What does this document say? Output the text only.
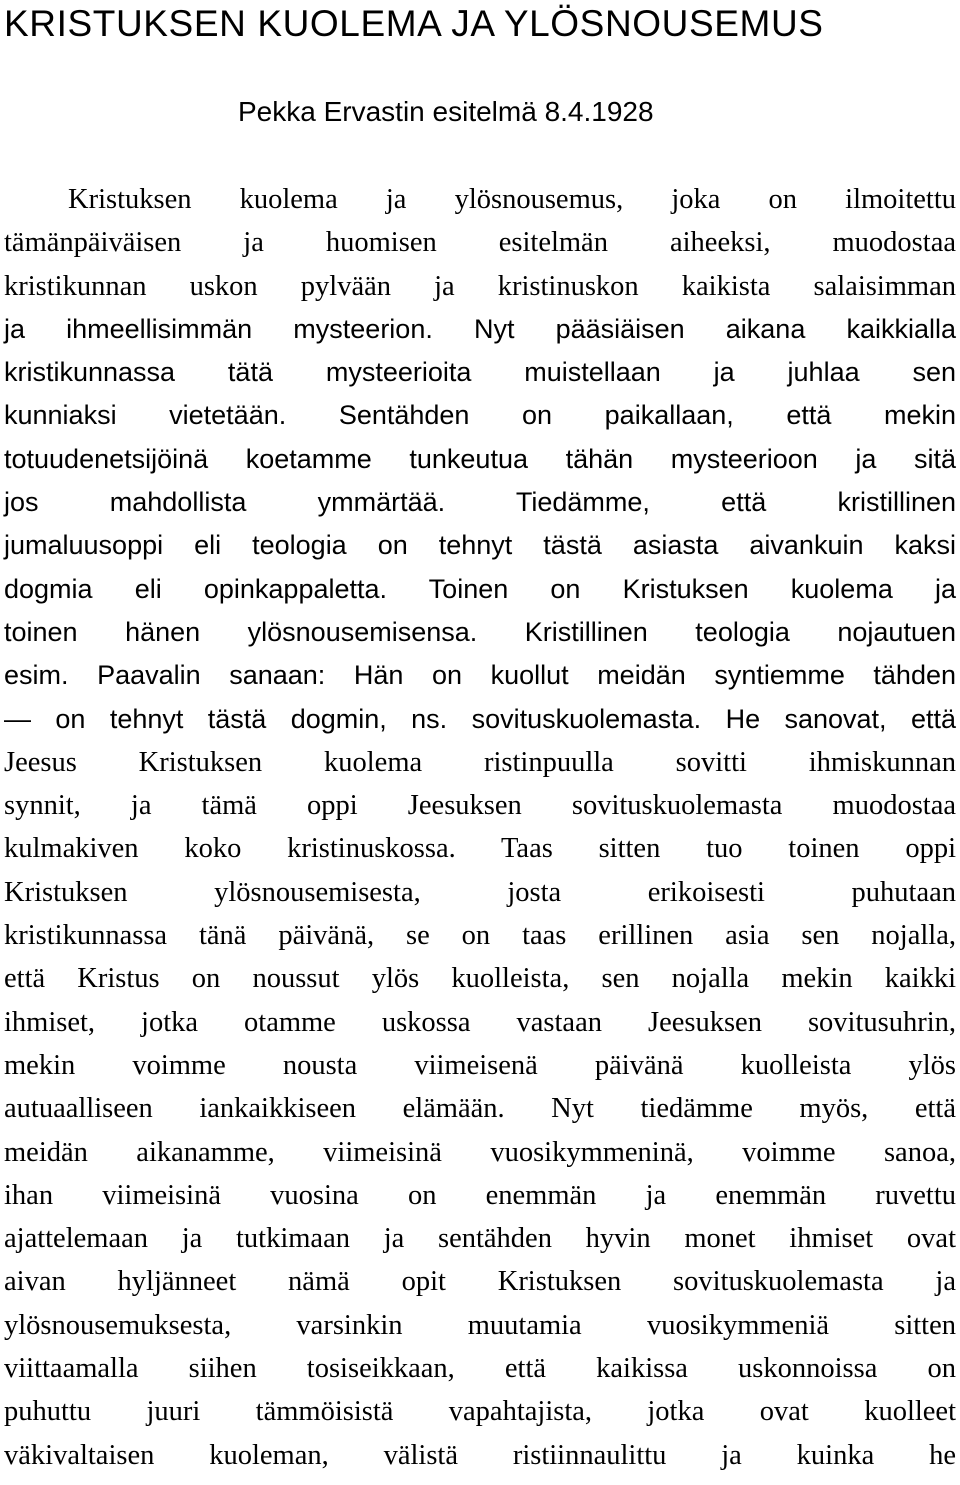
KRISTUKSEN KUOLEMA JA YLÖSNOUSEMUS

Pekka Ervastin esitelmä 8.4.1928

Kristuksen kuolema ja ylösnousemus, joka on ilmoitettu
tämänpäiväisen ja huomisen esitelmän aiheeksi, muodostaa
kristikunnan uskon pylvään ja kristinuskon kaikista salaisimman
ja ihmeellisimmän mysteerion. Nyt pääsiäisen aikana kaikkialla
kristikunnassa tätä mysteerioita muistellaan ja juhlaa sen
kunniaksi vietetään. Sentähden on paikallaan, että mekin
totuudenetsijöinä koetamme tunkeutua tähän mysteerioon ja sitä
jos mahdollista ymmärtää. Tiedämme, että kristillinen
jumaluusoppi eli teologia on tehnyt tästä asiasta aivankuin kaksi
dogmia eli opinkappaletta. Toinen on Kristuksen kuolema ja
toinen hänen ylösnousemisensa. Kristillinen teologia nojautuen
esim. Paavalin sanaan: Hän on kuollut meidän syntiemme tähden
— on tehnyt tästä dogmin, ns. sovituskuolemasta. He sanovat, että
Jeesus Kristuksen kuolema ristinpuulla sovitti ihmiskunnan
synnit, ja tämä oppi Jeesuksen sovituskuolemasta muodostaa
kulmakiven koko kristinuskossa. Taas sitten tuo toinen oppi
Kristuksen ylösnousemisesta, josta erikoisesti puhutaan
kristikunnassa tänä päivänä, se on taas erillinen asia sen nojalla,
että Kristus on noussut ylös kuolleista, sen nojalla mekin kaikki
ihmiset, jotka otamme uskossa vastaan Jeesuksen sovitusuhrin,
mekin voimme nousta viimeisenä päivänä kuolleista ylös
autuaalliseen iankaikkiseen elämään. Nyt tiedämme myös, että
meidän aikanamme, viimeisinä vuosikymmeninä, voimme sanoa,
ihan viimeisinä vuosina on enemmän ja enemmän ruvettu
ajattelemaan ja tutkimaan ja sentähden hyvin monet ihmiset ovat
aivan hyljänneet nämä opit Kristuksen sovituskuolemasta ja
ylösnousemuksesta, varsinkin muutamia vuosikymmeniä sitten
viittaamalla siihen tosiseikkaan, että kaikissa uskonnoissa on
puhuttu juuri tämmöisistä vapahtajista, jotka ovat kuolleet
väkivaltaisen kuoleman, välistä ristiinnaulittu ja kuinka he
